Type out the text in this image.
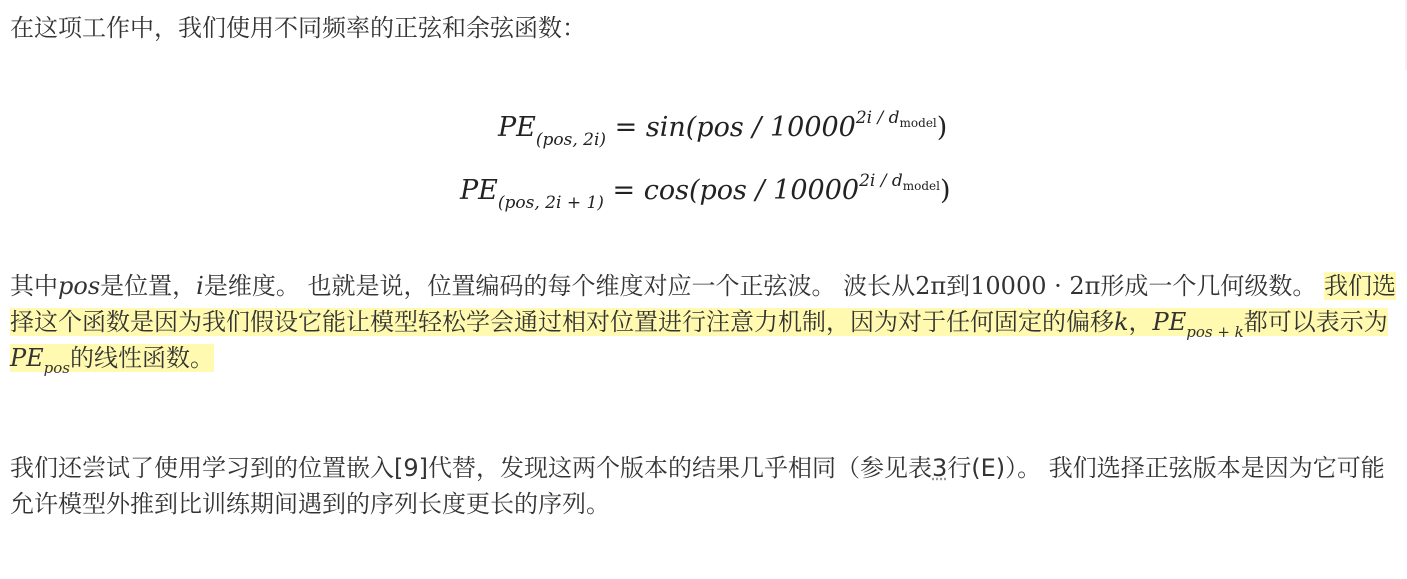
在这项工作中，我们使用不同频率的正弦和余弦函数：

$PE_{(pos, 2i)} = \sin(pos / 10000^{2i / d_{model}})$
$PE_{(pos, 2i + 1)} = \cos(pos / 10000^{2i / d_{model}})$

其中pos是位置，i是维度。 也就是说，位置编码的每个维度对应一个正弦波。 波长从2π到10000 · 2π形成一个几何级数。 我们选择这个函数是因为我们假设它能让模型轻松学会通过相对位置进行注意力机制，因为对于任何固定的偏移k，$PE_{pos + k}$都可以表示为$PE_{pos}$的线性函数。

我们还尝试了使用学习到的位置嵌入[9]代替，发现这两个版本的结果几乎相同（参见表3行(E)）。 我们选择正弦版本是因为它可能允许模型外推到比训练期间遇到的序列长度更长的序列。
